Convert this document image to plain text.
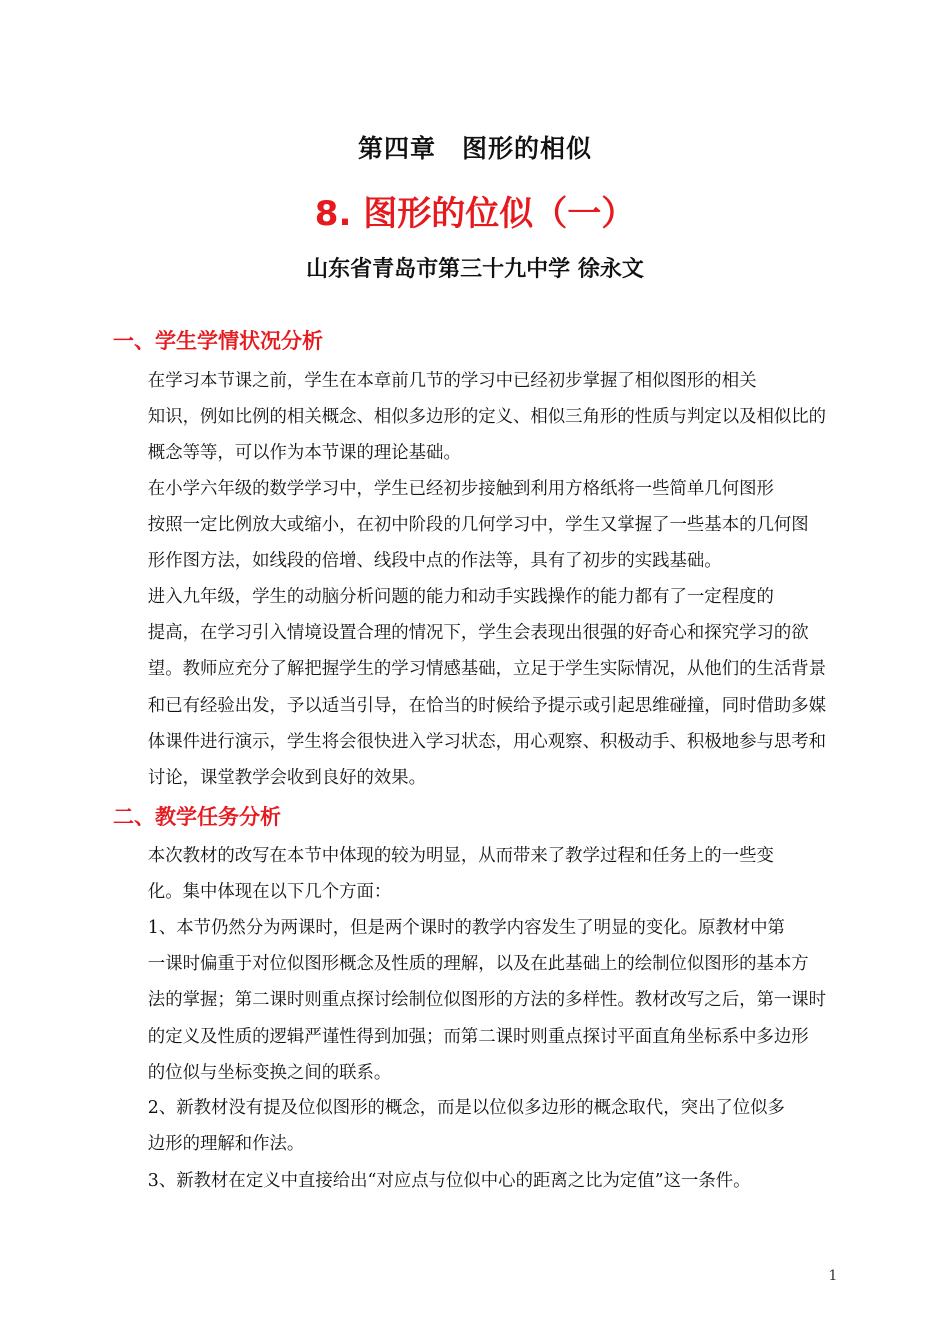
第四章　图形的相似
8. 图形的位似（一）
山东省青岛市第三十九中学 徐永文
一、学生学情状况分析
在学习本节课之前，学生在本章前几节的学习中已经初步掌握了相似图形的相关
知识，例如比例的相关概念、相似多边形的定义、相似三角形的性质与判定以及相似比的
概念等等，可以作为本节课的理论基础。
在小学六年级的数学学习中，学生已经初步接触到利用方格纸将一些简单几何图形
按照一定比例放大或缩小，在初中阶段的几何学习中，学生又掌握了一些基本的几何图
形作图方法，如线段的倍增、线段中点的作法等，具有了初步的实践基础。
进入九年级，学生的动脑分析问题的能力和动手实践操作的能力都有了一定程度的
提高，在学习引入情境设置合理的情况下，学生会表现出很强的好奇心和探究学习的欲
望。教师应充分了解把握学生的学习情感基础，立足于学生实际情况，从他们的生活背景
和已有经验出发，予以适当引导，在恰当的时候给予提示或引起思维碰撞，同时借助多媒
体课件进行演示，学生将会很快进入学习状态，用心观察、积极动手、积极地参与思考和
讨论，课堂教学会收到良好的效果。
二、教学任务分析
本次教材的改写在本节中体现的较为明显，从而带来了教学过程和任务上的一些变
化。集中体现在以下几个方面：
1、本节仍然分为两课时，但是两个课时的教学内容发生了明显的变化。原教材中第
一课时偏重于对位似图形概念及性质的理解，以及在此基础上的绘制位似图形的基本方
法的掌握；第二课时则重点探讨绘制位似图形的方法的多样性。教材改写之后，第一课时
的定义及性质的逻辑严谨性得到加强；而第二课时则重点探讨平面直角坐标系中多边形
的位似与坐标变换之间的联系。
2、新教材没有提及位似图形的概念，而是以位似多边形的概念取代，突出了位似多
边形的理解和作法。
3、新教材在定义中直接给出“对应点与位似中心的距离之比为定值”这一条件。
1
